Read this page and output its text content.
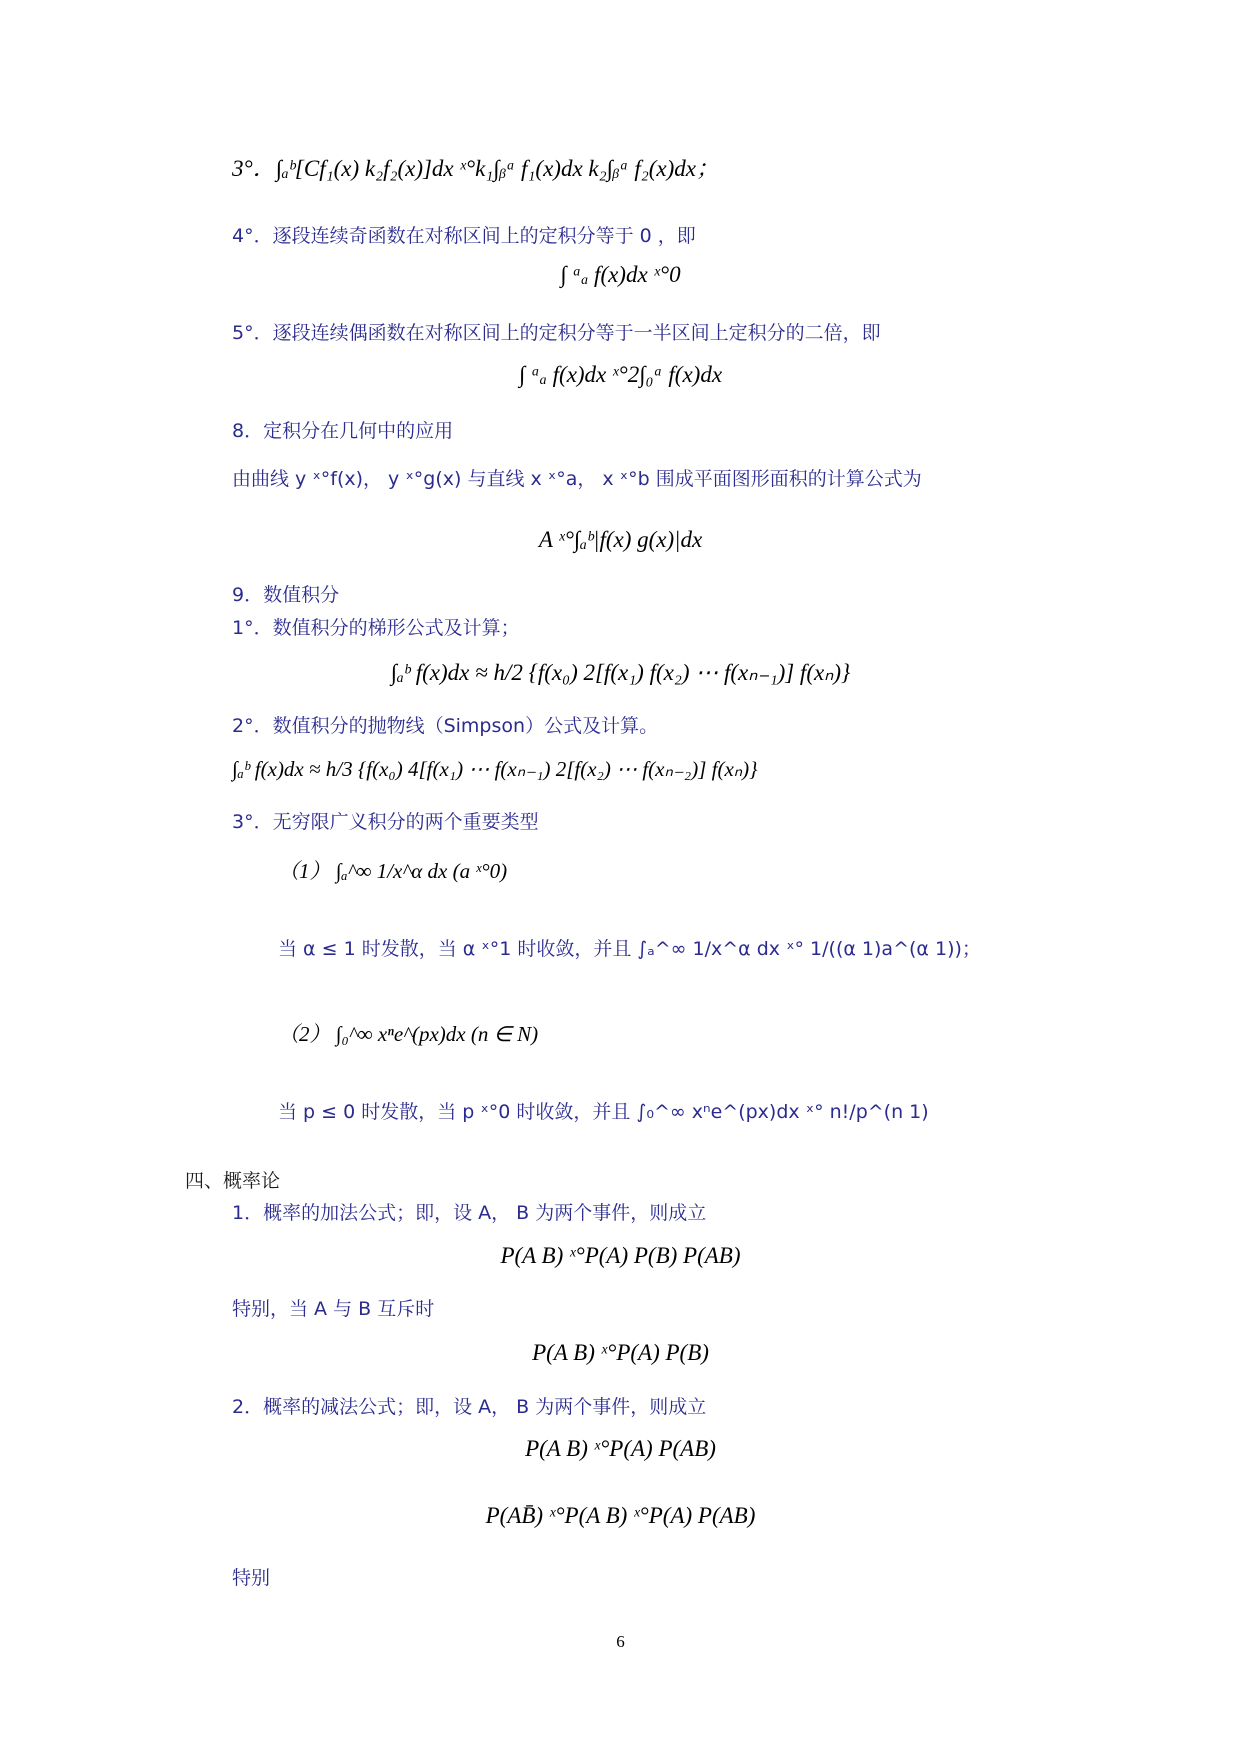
3°．∫ₐᵇ[Cf₁(x) k₂f₂(x)]dx ˣ°k₁∫ᵦᵃ f₁(x)dx k₂∫ᵦᵃ f₂(x)dx；
4°．逐段连续奇函数在对称区间上的定积分等于 0 ，即
∫ ᵃₐ f(x)dx ˣ°0
5°．逐段连续偶函数在对称区间上的定积分等于一半区间上定积分的二倍，即
∫ ᵃₐ f(x)dx ˣ°2∫₀ᵃ f(x)dx
8．定积分在几何中的应用
由曲线 y ˣ°f(x)， y ˣ°g(x) 与直线 x ˣ°a， x ˣ°b 围成平面图形面积的计算公式为
A ˣ°∫ₐᵇ|f(x) g(x)|dx
9．数值积分
1°．数值积分的梯形公式及计算；
∫ₐᵇ f(x)dx ≈ h/2 {f(x₀) 2[f(x₁) f(x₂) ⋯ f(xₙ₋₁)] f(xₙ)}
2°．数值积分的抛物线（Simpson）公式及计算。
∫ₐᵇ f(x)dx ≈ h/3 {f(x₀) 4[f(x₁) ⋯ f(xₙ₋₁) 2[f(x₂) ⋯ f(xₙ₋₂)] f(xₙ)}
3°．无穷限广义积分的两个重要类型
（1） ∫ₐ^∞ 1/x^α dx (a ˣ°0)
当 α ≤ 1 时发散，当 α ˣ°1 时收敛，并且 ∫ₐ^∞ 1/x^α dx ˣ° 1/((α 1)a^(α 1))；
（2） ∫₀^∞ xⁿe^(px)dx (n ∈ N)
当 p ≤ 0 时发散，当 p ˣ°0 时收敛，并且 ∫₀^∞ xⁿe^(px)dx ˣ° n!/p^(n 1)
四、概率论
1．概率的加法公式；即，设 A， B 为两个事件，则成立
P(A B) ˣ°P(A) P(B) P(AB)
特别，当 A 与 B 互斥时
P(A B) ˣ°P(A) P(B)
2．概率的减法公式；即，设 A， B 为两个事件，则成立
P(A B) ˣ°P(A) P(AB)
P(AB̄) ˣ°P(A B) ˣ°P(A) P(AB)
特别
6
